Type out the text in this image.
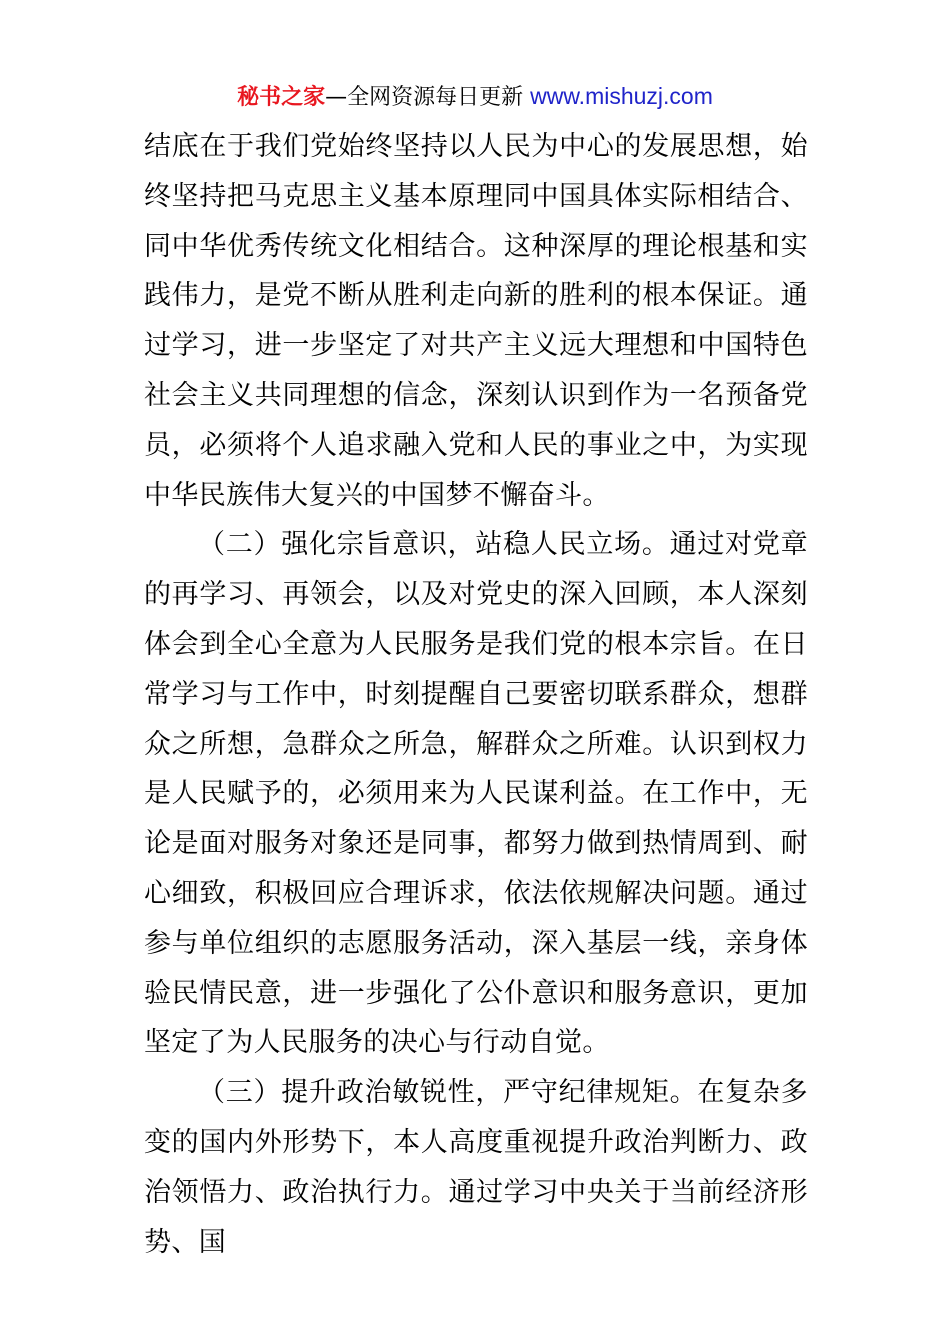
秘书之家—全网资源每日更新 www.mishuzj.com

结底在于我们党始终坚持以人民为中心的发展思想，始终坚持把马克思主义基本原理同中国具体实际相结合、同中华优秀传统文化相结合。这种深厚的理论根基和实践伟力，是党不断从胜利走向新的胜利的根本保证。通过学习，进一步坚定了对共产主义远大理想和中国特色社会主义共同理想的信念，深刻认识到作为一名预备党员，必须将个人追求融入党和人民的事业之中，为实现中华民族伟大复兴的中国梦不懈奋斗。

（二）强化宗旨意识，站稳人民立场。通过对党章的再学习、再领会，以及对党史的深入回顾，本人深刻体会到全心全意为人民服务是我们党的根本宗旨。在日常学习与工作中，时刻提醒自己要密切联系群众，想群众之所想，急群众之所急，解群众之所难。认识到权力是人民赋予的，必须用来为人民谋利益。在工作中，无论是面对服务对象还是同事，都努力做到热情周到、耐心细致，积极回应合理诉求，依法依规解决问题。通过参与单位组织的志愿服务活动，深入基层一线，亲身体验民情民意，进一步强化了公仆意识和服务意识，更加坚定了为人民服务的决心与行动自觉。

（三）提升政治敏锐性，严守纪律规矩。在复杂多变的国内外形势下，本人高度重视提升政治判断力、政治领悟力、政治执行力。通过学习中央关于当前经济形势、国
